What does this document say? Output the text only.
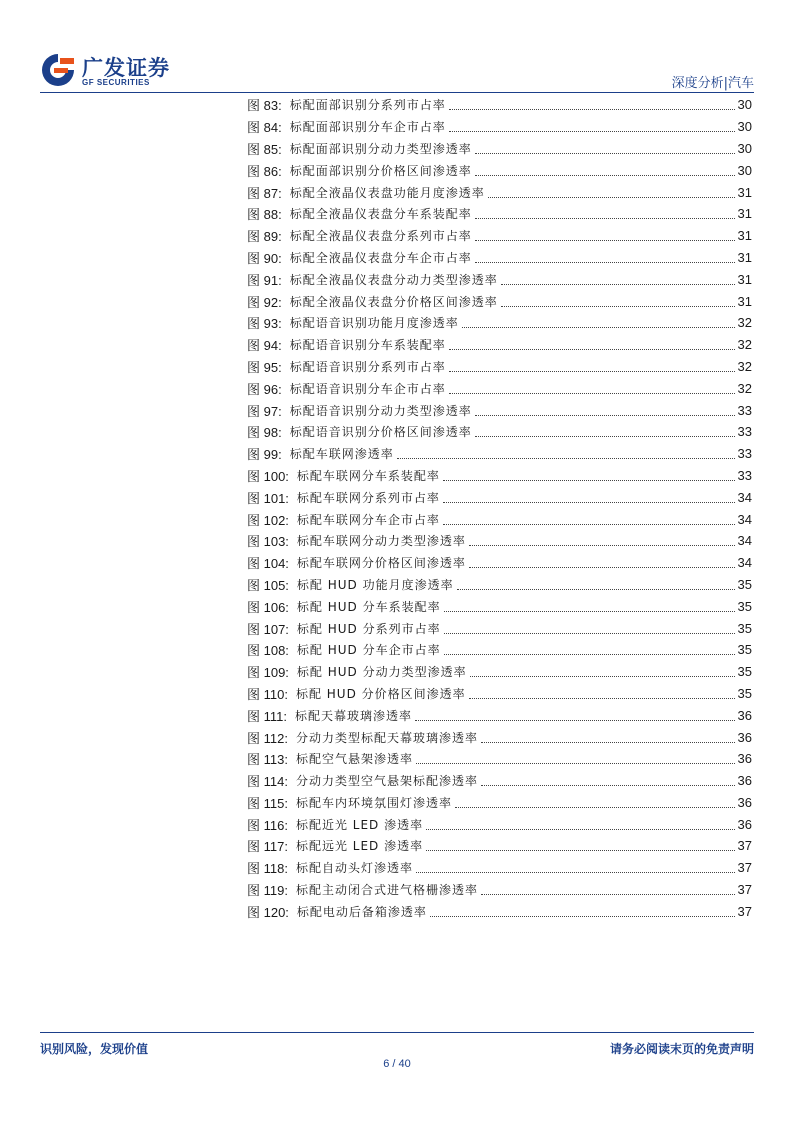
广发证券
GF SECURITIES	深度分析|汽车
图 83: 标配面部识别分系列市占率	30
图 84: 标配面部识别分车企市占率	30
图 85: 标配面部识别分动力类型渗透率	30
图 86: 标配面部识别分价格区间渗透率	30
图 87: 标配全液晶仪表盘功能月度渗透率	31
图 88: 标配全液晶仪表盘分车系装配率	31
图 89: 标配全液晶仪表盘分系列市占率	31
图 90: 标配全液晶仪表盘分车企市占率	31
图 91: 标配全液晶仪表盘分动力类型渗透率	31
图 92: 标配全液晶仪表盘分价格区间渗透率	31
图 93: 标配语音识别功能月度渗透率	32
图 94: 标配语音识别分车系装配率	32
图 95: 标配语音识别分系列市占率	32
图 96: 标配语音识别分车企市占率	32
图 97: 标配语音识别分动力类型渗透率	33
图 98: 标配语音识别分价格区间渗透率	33
图 99: 标配车联网渗透率	33
图 100: 标配车联网分车系装配率	33
图 101: 标配车联网分系列市占率	34
图 102: 标配车联网分车企市占率	34
图 103: 标配车联网分动力类型渗透率	34
图 104: 标配车联网分价格区间渗透率	34
图 105: 标配 HUD 功能月度渗透率	35
图 106: 标配 HUD 分车系装配率	35
图 107: 标配 HUD 分系列市占率	35
图 108: 标配 HUD 分车企市占率	35
图 109: 标配 HUD 分动力类型渗透率	35
图 110: 标配 HUD 分价格区间渗透率	35
图 111: 标配天幕玻璃渗透率	36
图 112: 分动力类型标配天幕玻璃渗透率	36
图 113: 标配空气悬架渗透率	36
图 114: 分动力类型空气悬架标配渗透率	36
图 115: 标配车内环境氛围灯渗透率	36
图 116: 标配近光 LED 渗透率	36
图 117: 标配远光 LED 渗透率	37
图 118: 标配自动头灯渗透率	37
图 119: 标配主动闭合式进气格栅渗透率	37
图 120: 标配电动后备箱渗透率	37
识别风险，发现价值	请务必阅读末页的免责声明
6 / 40
